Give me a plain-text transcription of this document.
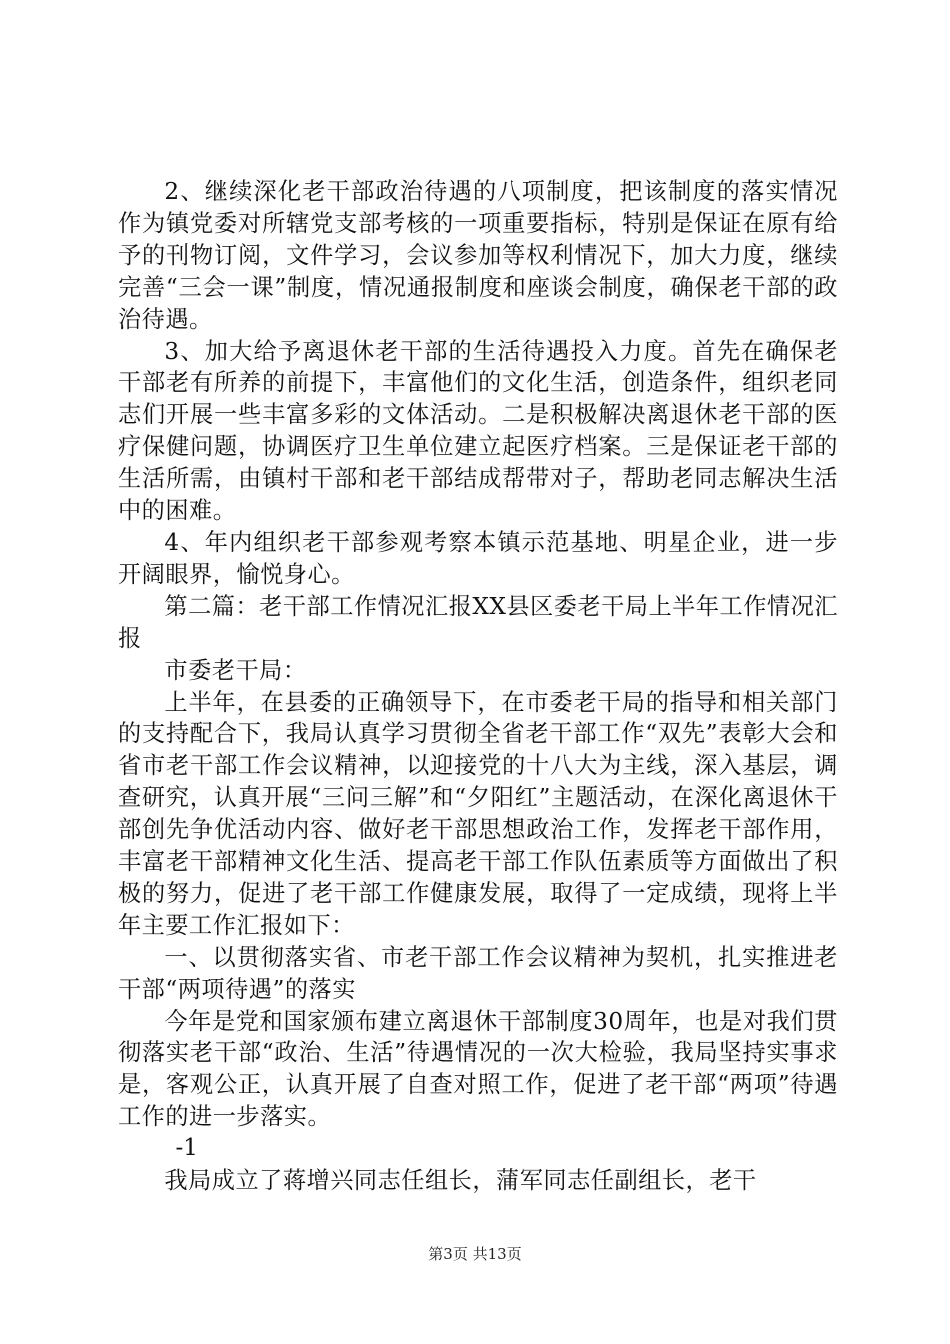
2、继续深化老干部政治待遇的八项制度，把该制度的落实情况作为镇党委对所辖党支部考核的一项重要指标，特别是保证在原有给予的刊物订阅，文件学习，会议参加等权利情况下，加大力度，继续完善“三会一课”制度，情况通报制度和座谈会制度，确保老干部的政治待遇。

3、加大给予离退休老干部的生活待遇投入力度。首先在确保老干部老有所养的前提下，丰富他们的文化生活，创造条件，组织老同志们开展一些丰富多彩的文体活动。二是积极解决离退休老干部的医疗保健问题，协调医疗卫生单位建立起医疗档案。三是保证老干部的生活所需，由镇村干部和老干部结成帮带对子，帮助老同志解决生活中的困难。

4、年内组织老干部参观考察本镇示范基地、明星企业，进一步开阔眼界，愉悦身心。

第二篇：老干部工作情况汇报XX县区委老干局上半年工作情况汇报

市委老干局：

上半年，在县委的正确领导下，在市委老干局的指导和相关部门的支持配合下，我局认真学习贯彻全省老干部工作“双先”表彰大会和省市老干部工作会议精神，以迎接党的十八大为主线，深入基层，调查研究，认真开展“三问三解”和“夕阳红”主题活动，在深化离退休干部创先争优活动内容、做好老干部思想政治工作，发挥老干部作用，丰富老干部精神文化生活、提高老干部工作队伍素质等方面做出了积极的努力，促进了老干部工作健康发展，取得了一定成绩，现将上半年主要工作汇报如下：

一、以贯彻落实省、市老干部工作会议精神为契机，扎实推进老干部“两项待遇”的落实

今年是党和国家颁布建立离退休干部制度30周年，也是对我们贯彻落实老干部“政治、生活”待遇情况的一次大检验，我局坚持实事求是，客观公正，认真开展了自查对照工作，促进了老干部“两项”待遇工作的进一步落实。

-1

我局成立了蒋增兴同志任组长，蒲军同志任副组长，老干

第3页 共13页
